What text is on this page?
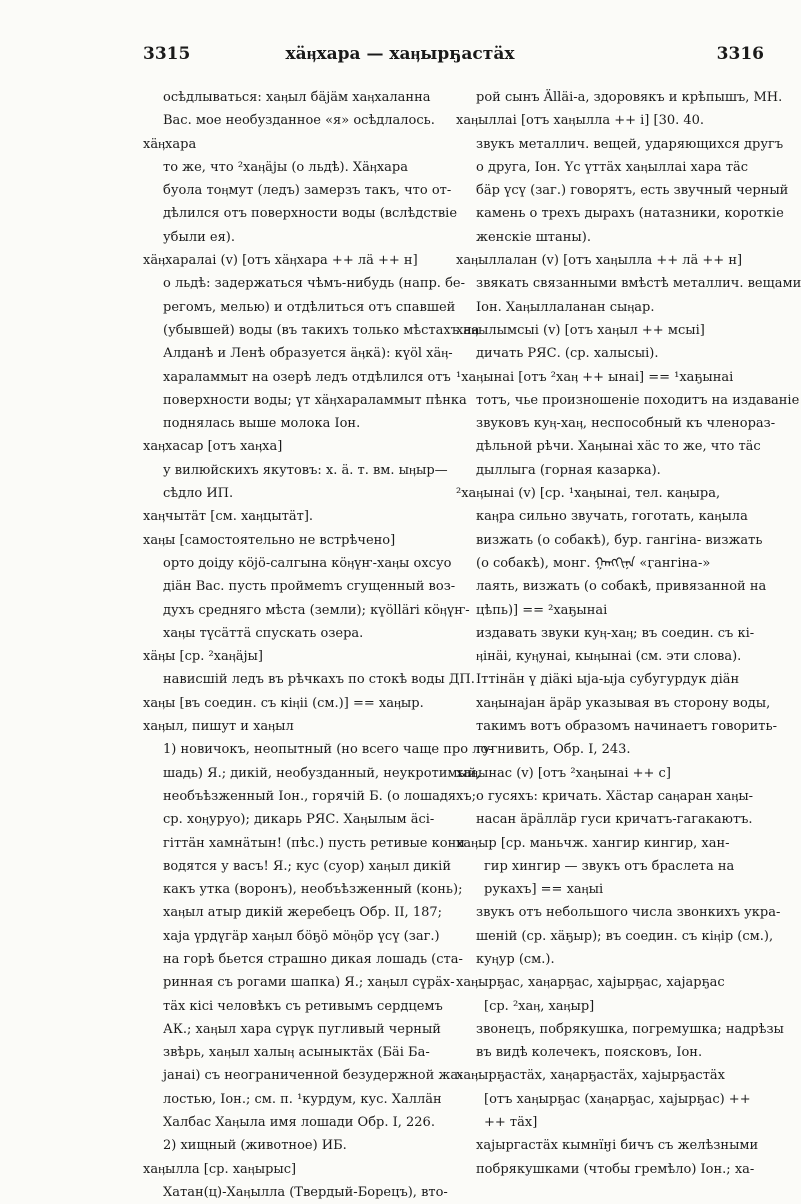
3315	хäӊхара — хаӊырҕастäх	3316
осѣдлываться: хаӊыл бäјäм хаӊхаланна
Вас. мое необузданное «я» осѣдлалось.
хäӊхара
то же, что ²хаӊäјы (о льдѣ). Хäӊхара
буола тоӊмут (ледъ) замерзъ такъ, что от-
дѣлился отъ поверхности воды (вслѣдствіе
убыли ея).
хäӊхаралаi (v) [отъ хäӊхара ++ лä ++ н]
о льдѣ: задержаться чѣмъ-нибудь (напр. бе-
регомъ, мелью) и отдѣлиться отъ спавшей
(убывшей) воды (въ такихъ только мѣстахъ на
Алданѣ и Ленѣ образуется äӊкä): күöl хäӊ-
хараламмыт на озерѣ ледъ отдѣлился отъ
поверхности воды; үт хäӊхараламмыт пѣнка
поднялась выше молока Іон.
хаӊхасар [отъ хаӊха]
у вилюйскихъ якутовъ: х. ä. т. вм. ыӊыр—
сѣдло ИП.
хаӊчытäт [см. хаӊцытäт].
хаӊы [самостоятельно не встрѣчено]
орто доіду кöјö-салгына кöӊүҥ-хаӊы охсуо
діäн Вас. пусть проймеmъ сгущенный воз-
духъ средняго мѣста (земли); күöllärі кöӊүҥ-
хаӊы түсäттä спускать озера.
хäӊы [ср. ²хаӊäјы]
нависшій ледъ въ рѣчкахъ по стокѣ воды ДП.
хаӊы [въ соедин. съ кіӊіі (см.)] == хаӊыр.
хаӊыл, пишут и хаӊыл
1) новичокъ, неопытный (но всего чаще про ло-
шадь) Я.; дикій, необузданный, неукротимый,
необъѣзженный Іон., горячій Б. (о лошадяхъ;
ср. хоӊуруо); дикарь РЯС. Хаӊылым äсі-
гіттäн хамнäтын! (пѣс.) пусть ретивые кони
водятся у васъ! Я.; кус (суор) хаӊыл дикій
какъ утка (воронъ), необъѣзженный (конь);
хаӊыл атыр дикій жеребецъ Обр. II, 187;
хаја үрдүгäр хаӊыл бöҕö мöӊöр үсү (заг.)
на горѣ бьется страшно дикая лошадь (ста-
ринная съ рогами шапка) Я.; хаӊыл сүрäх-
тäх кісі человѣкъ съ ретивымъ сердцемъ
АК.; хаӊыл хара сүрүк пугливый черный
звѣрь, хаӊыл халыӊ асыныктäх (Бäі Ба-
јанаі) съ неограниченной безудержной жа-
лостью, Іон.; см. п. ¹курдум, кус. Халлäн
Халбас Хаӊыла имя лошади Обр. I, 226.
2) хищный (животное) ИБ.
хаӊылла [ср. хаӊырыс]
Хатан(ц)-Хаӊылла (Твердый-Борецъ), вто-
рой сынъ Älläі-а, здоровякъ и крѣпышъ, МН.
хаӊыллаі [отъ хаӊылла ++ і] [30. 40.
звукъ металлич. вещей, ударяющихся другъ
о друга, Іон. Үс үттäх хаӊыллаі хара тäс
бäр үсү (заг.) говорятъ, есть звучный черный
камень о трехъ дырахъ (натазники, короткіе
женскіе штаны).
хаӊыллалан (v) [отъ хаӊылла ++ лä ++ н]
звякать связанными вмѣстѣ металлич. вещами
Іон. Хаӊыллаланан сыӊар.
хаӊылымсыі (v) [отъ хаӊыл ++ мсыі]
дичать РЯС. (ср. халысыі).
¹хаӊынаі [отъ ²хаӊ ++ ынаі] == ¹хаҕынаі
тотъ, чье произношеніе походитъ на издаваніе
звуковъ куӊ-хаӊ, неспособный къ членораз-
дѣльной рѣчи. Хаӊынаі хäс то же, что тäс
дыллыга (горная казарка).
²хаӊынаі (v) [ср. ¹хаӊынаі, тел. каӊыра,
каӊра сильно звучать, гоготать, каӊыла
визжать (о собакѣ), бур. гангіна- визжать
(о собакѣ), монг. ᠭᠠᠩᠭᠢᠨᠠ «ӷангіна-»
лаять, визжать (о собакѣ, привязанной на
цѣпь)] == ²хаҕынаі
издавать звуки куӊ-хаӊ; въ соедин. съ кі-
ӊінäі, куӊунаі, кыӊынаі (см. эти слова).
Іттінäн ү діäкі ыја-ыја субугурдук діäн
хаӊынајан äрäр указывая въ сторону воды,
такимъ вотъ образомъ начинаетъ говорить-
гугнивить, Обр. I, 243.
хаӊынас (v) [отъ ²хаӊынаі ++ с]
о гусяхъ: кричать. Хäстар саӊаран хаӊы-
насан äрäллäр гуси кричатъ-гагакаютъ.
хаӊыр [ср. маньчж. хангир кингир, хан-
гир хингир — звукъ отъ браслета на
рукахъ] == хаӊыі
звукъ отъ небольшого числа звонкихъ укра-
шеній (ср. хäҕыр); въ соедин. съ кіӊір (см.),
куӊур (см.).
хаӊырҕас, хаӊарҕас, хајырҕас, хајарҕас
[ср. ²хаӊ, хаӊыр]
звонецъ, побрякушка, погремушка; надрѣзы
въ видѣ колечекъ, поясковъ, Іон.
хаӊырҕастäх, хаӊарҕастäх, хајырҕастäх
[отъ хаӊырҕас (хаӊарҕас, хајырҕас) ++
++ тäх]
хајыргастäх кымнїӈі бичъ съ желѣзными
побрякушками (чтобы гремѣло) Іон.; ха-
